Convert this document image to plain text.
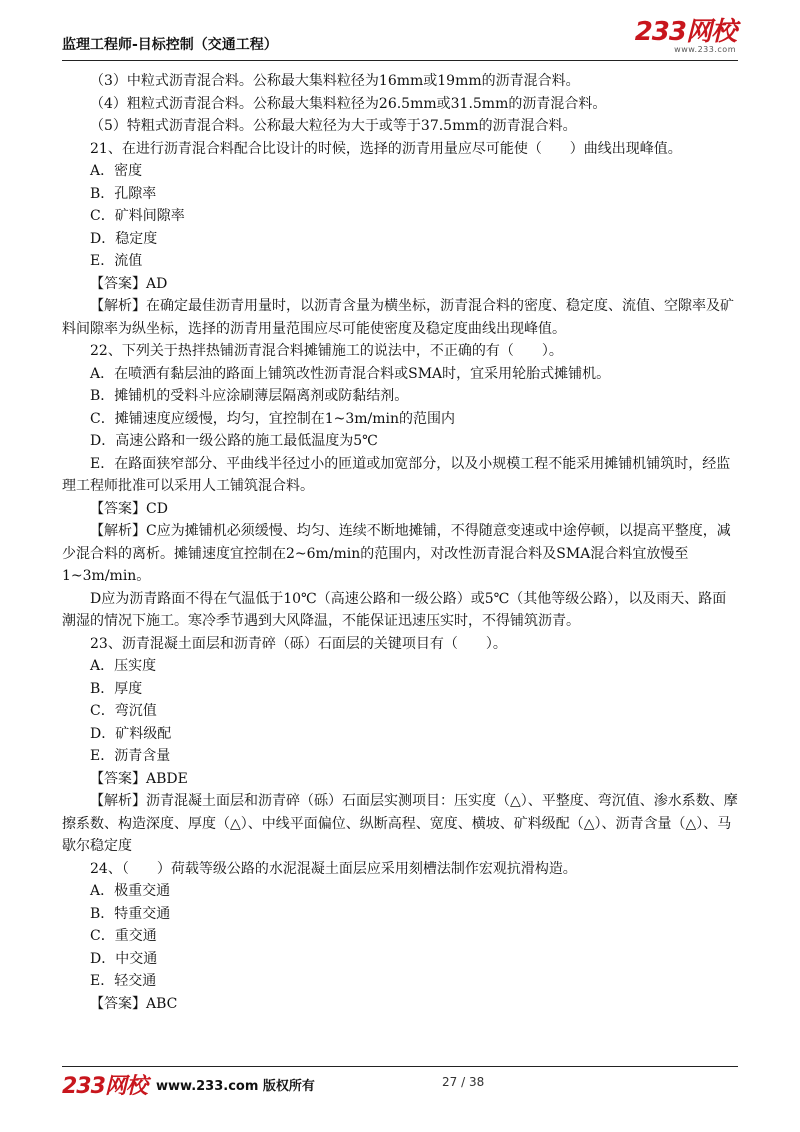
监理工程师-目标控制（交通工程）	233网校
www.233.com

（3）中粒式沥青混合料。公称最大集料粒径为16mm或19mm的沥青混合料。

（4）粗粒式沥青混合料。公称最大集料粒径为26.5mm或31.5mm的沥青混合料。

（5）特粗式沥青混合料。公称最大粒径为大于或等于37.5mm的沥青混合料。

21、在进行沥青混合料配合比设计的时候，选择的沥青用量应尽可能使（　　）曲线出现峰值。

A．密度

B．孔隙率

C．矿料间隙率

D．稳定度

E．流值

【答案】AD

【解析】在确定最佳沥青用量时，以沥青含量为横坐标，沥青混合料的密度、稳定度、流值、空隙率及矿料间隙率为纵坐标，选择的沥青用量范围应尽可能使密度及稳定度曲线出现峰值。

22、下列关于热拌热铺沥青混合料摊铺施工的说法中，不正确的有（　　）。

A．在喷洒有黏层油的路面上铺筑改性沥青混合料或SMA时，宜采用轮胎式摊铺机。

B．摊铺机的受料斗应涂刷薄层隔离剂或防黏结剂。

C．摊铺速度应缓慢，均匀，宜控制在1~3m/min的范围内

D．高速公路和一级公路的施工最低温度为5℃

E．在路面狭窄部分、平曲线半径过小的匝道或加宽部分，以及小规模工程不能采用摊铺机铺筑时，经监理工程师批准可以采用人工铺筑混合料。

【答案】CD

【解析】C应为摊铺机必须缓慢、均匀、连续不断地摊铺，不得随意变速或中途停顿，以提高平整度，减少混合料的离析。摊铺速度宜控制在2~6m/min的范围内，对改性沥青混合料及SMA混合料宜放慢至1~3m/min。

D应为沥青路面不得在气温低于10℃（高速公路和一级公路）或5℃（其他等级公路），以及雨天、路面潮湿的情况下施工。寒冷季节遇到大风降温，不能保证迅速压实时，不得铺筑沥青。

23、沥青混凝土面层和沥青碎（砾）石面层的关键项目有（　　）。

A．压实度

B．厚度

C．弯沉值

D．矿料级配

E．沥青含量

【答案】ABDE

【解析】沥青混凝土面层和沥青碎（砾）石面层实测项目：压实度（△）、平整度、弯沉值、渗水系数、摩擦系数、构造深度、厚度（△）、中线平面偏位、纵断高程、宽度、横坡、矿料级配（△）、沥青含量（△）、马歇尔稳定度

24、（　　）荷载等级公路的水泥混凝土面层应采用刻槽法制作宏观抗滑构造。

A．极重交通

B．特重交通

C．重交通

D．中交通

E．轻交通

【答案】ABC

233网校 www.233.com 版权所有	27 / 38
